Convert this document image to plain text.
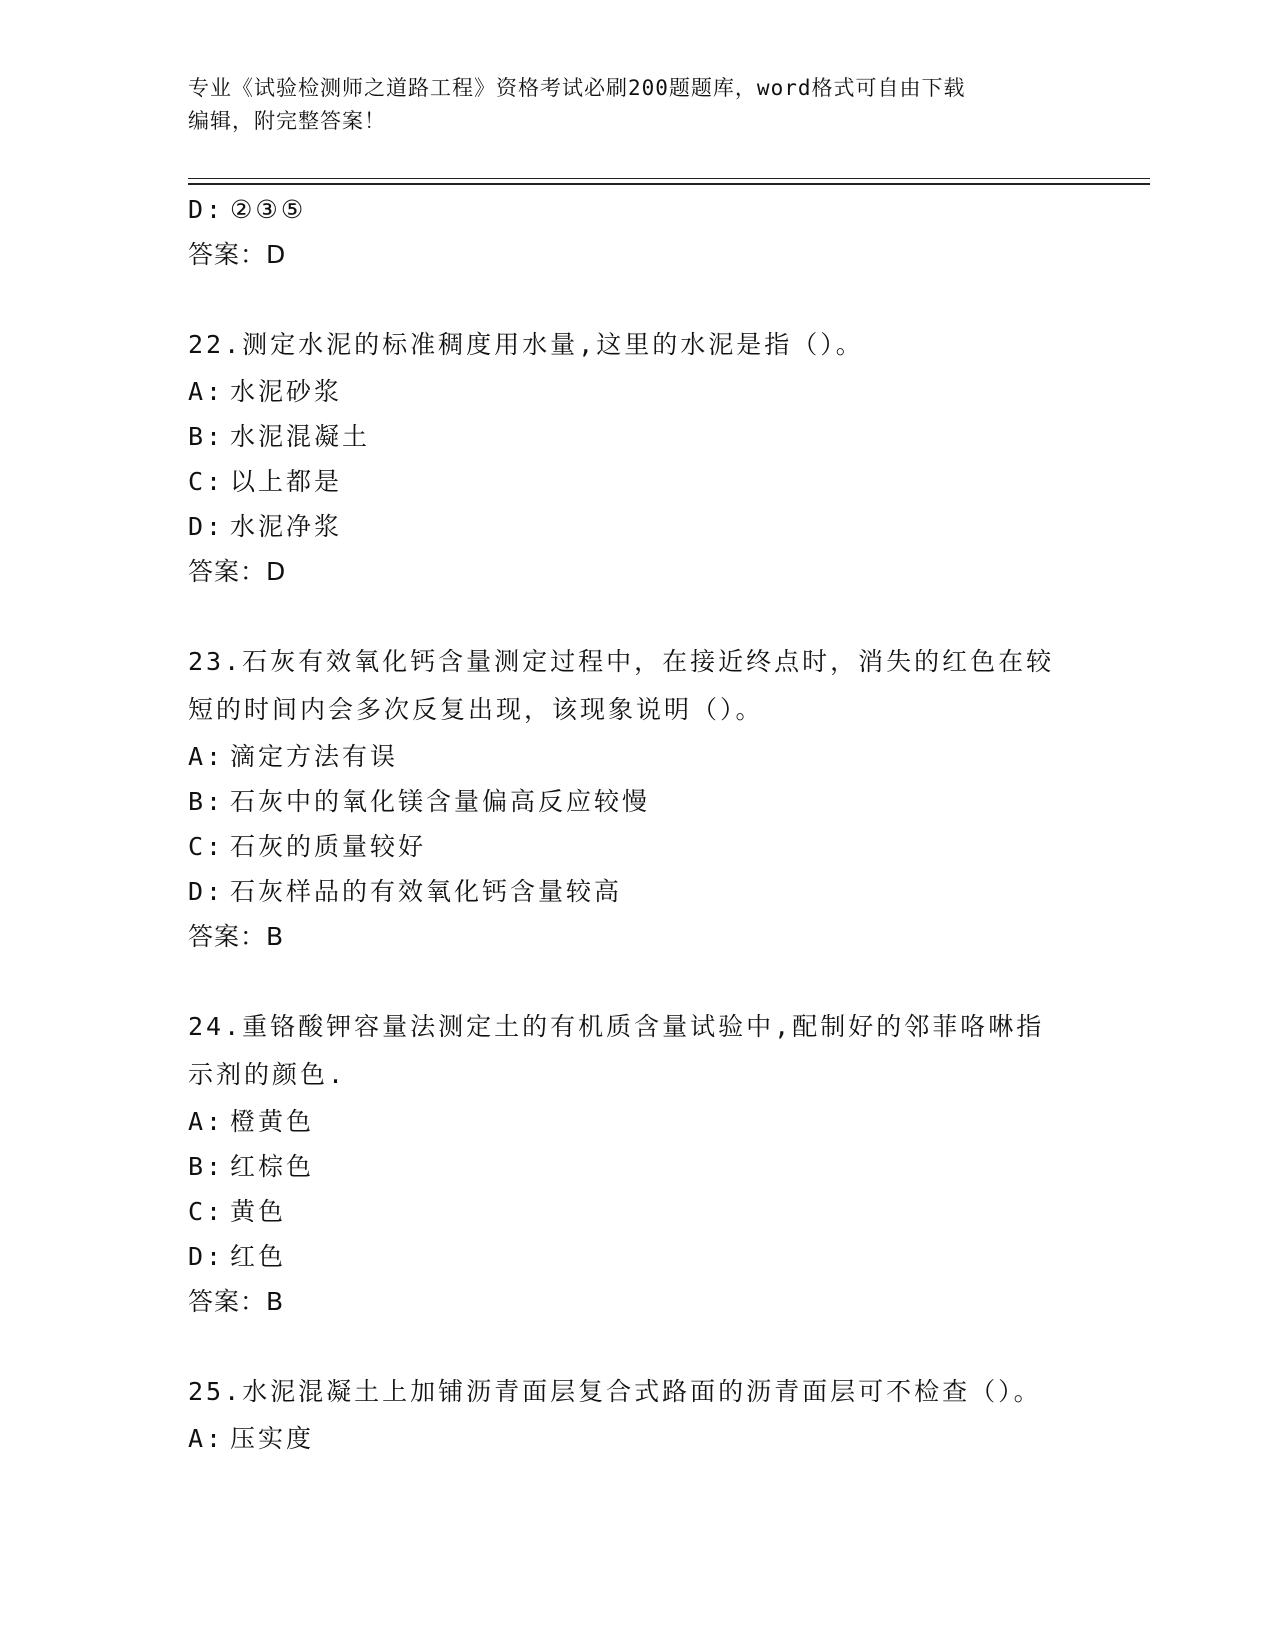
专业《试验检测师之道路工程》资格考试必刷200题题库，word格式可自由下载
编辑，附完整答案！
D: ②③⑤
答案：D
22.测定水泥的标准稠度用水量,这里的水泥是指（）。
A: 水泥砂浆
B: 水泥混凝土
C: 以上都是
D: 水泥净浆
答案：D
23.石灰有效氧化钙含量测定过程中，在接近终点时，消失的红色在较
短的时间内会多次反复出现，该现象说明（）。
A: 滴定方法有误
B: 石灰中的氧化镁含量偏高反应较慢
C: 石灰的质量较好
D: 石灰样品的有效氧化钙含量较高
答案：B
24.重铬酸钾容量法测定土的有机质含量试验中,配制好的邻菲咯啉指
示剂的颜色.
A: 橙黄色
B: 红棕色
C: 黄色
D: 红色
答案：B
25.水泥混凝土上加铺沥青面层复合式路面的沥青面层可不检查（）。
A: 压实度
